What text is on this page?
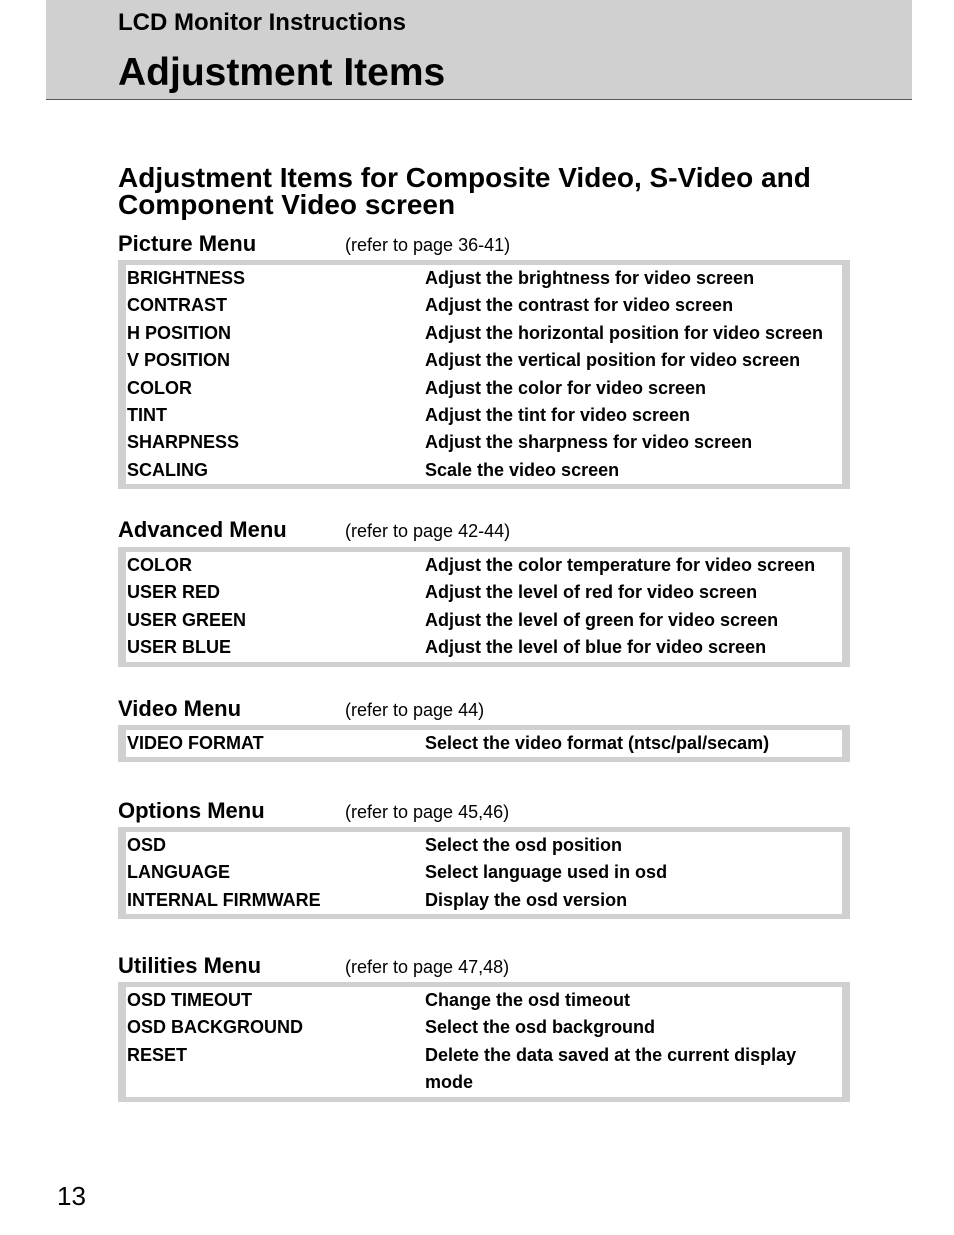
LCD Monitor Instructions
Adjustment Items
Adjustment Items for Composite Video, S-Video and Component Video screen
Picture Menu	(refer to page 36-41)
BRIGHTNESS	Adjust the brightness for video screen
CONTRAST	Adjust the contrast for video screen
H POSITION	Adjust the horizontal position for video screen
V POSITION	Adjust the vertical position for video screen
COLOR	Adjust the color for video screen
TINT	Adjust the tint for video screen
SHARPNESS	Adjust the sharpness for video screen
SCALING	Scale the video screen
Advanced Menu	(refer to page 42-44)
COLOR	Adjust the color temperature for video screen
USER RED	Adjust the level of red for video screen
USER GREEN	Adjust the level of green for video screen
USER BLUE	Adjust the level of blue for video screen
Video Menu	(refer to page 44)
VIDEO FORMAT	Select the video format (ntsc/pal/secam)
Options Menu	(refer to page 45,46)
OSD	Select the osd position
LANGUAGE	Select language used in osd
INTERNAL FIRMWARE	Display the osd version
Utilities Menu	(refer to page 47,48)
OSD TIMEOUT	Change the osd timeout
OSD BACKGROUND	Select the osd background
RESET	Delete the data saved at the current display mode
13
